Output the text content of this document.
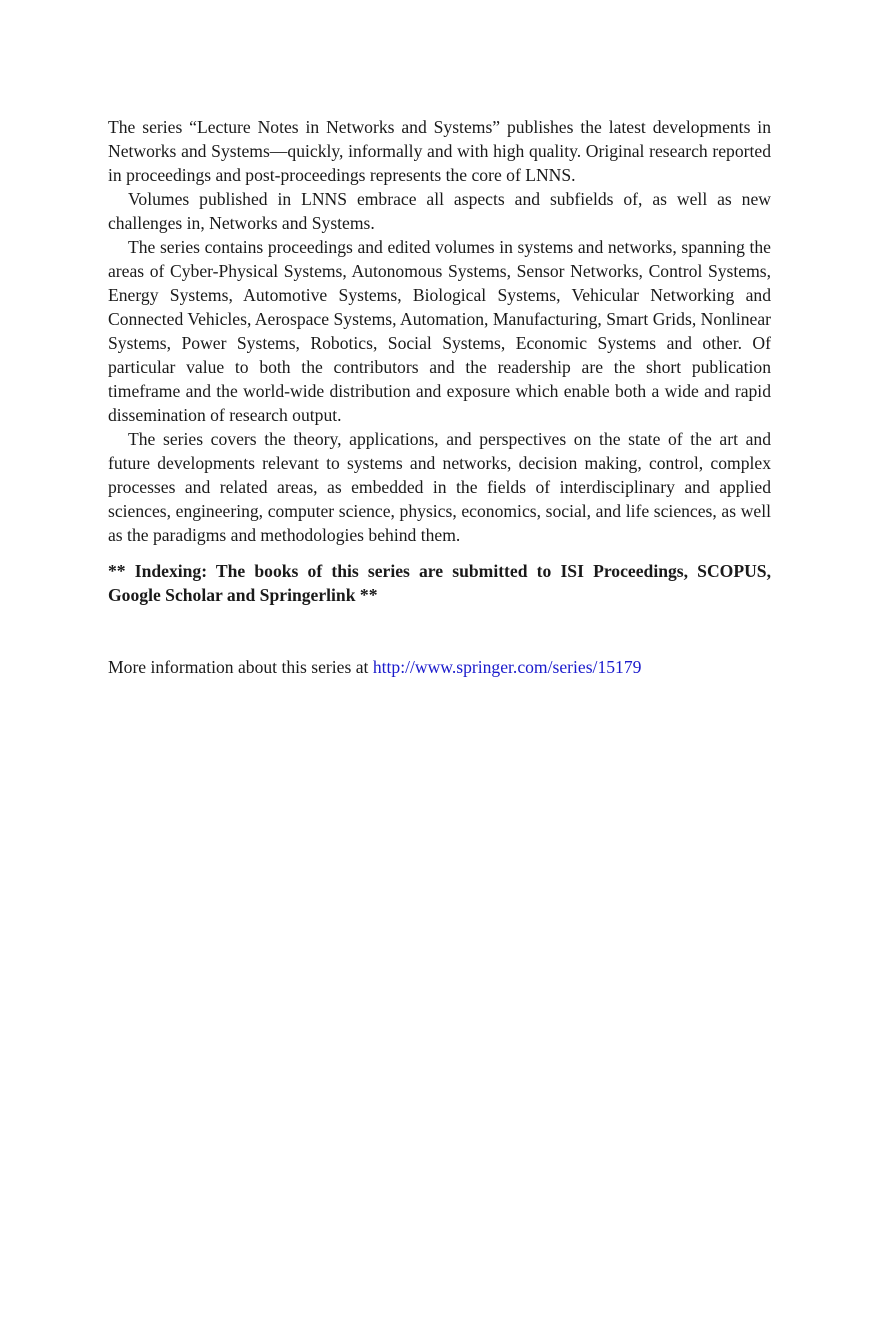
The series “Lecture Notes in Networks and Systems” publishes the latest developments in Networks and Systems—quickly, informally and with high quality. Original research reported in proceedings and post-proceedings represents the core of LNNS.

Volumes published in LNNS embrace all aspects and subfields of, as well as new challenges in, Networks and Systems.

The series contains proceedings and edited volumes in systems and networks, spanning the areas of Cyber-Physical Systems, Autonomous Systems, Sensor Networks, Control Systems, Energy Systems, Automotive Systems, Biological Systems, Vehicular Networking and Connected Vehicles, Aerospace Systems, Automation, Manufacturing, Smart Grids, Nonlinear Systems, Power Systems, Robotics, Social Systems, Economic Systems and other. Of particular value to both the contributors and the readership are the short publication timeframe and the world-wide distribution and exposure which enable both a wide and rapid dissemination of research output.

The series covers the theory, applications, and perspectives on the state of the art and future developments relevant to systems and networks, decision making, control, complex processes and related areas, as embedded in the fields of interdisciplinary and applied sciences, engineering, computer science, physics, economics, social, and life sciences, as well as the paradigms and methodologies behind them.

** Indexing: The books of this series are submitted to ISI Proceedings, SCOPUS, Google Scholar and Springerlink **

More information about this series at http://www.springer.com/series/15179
